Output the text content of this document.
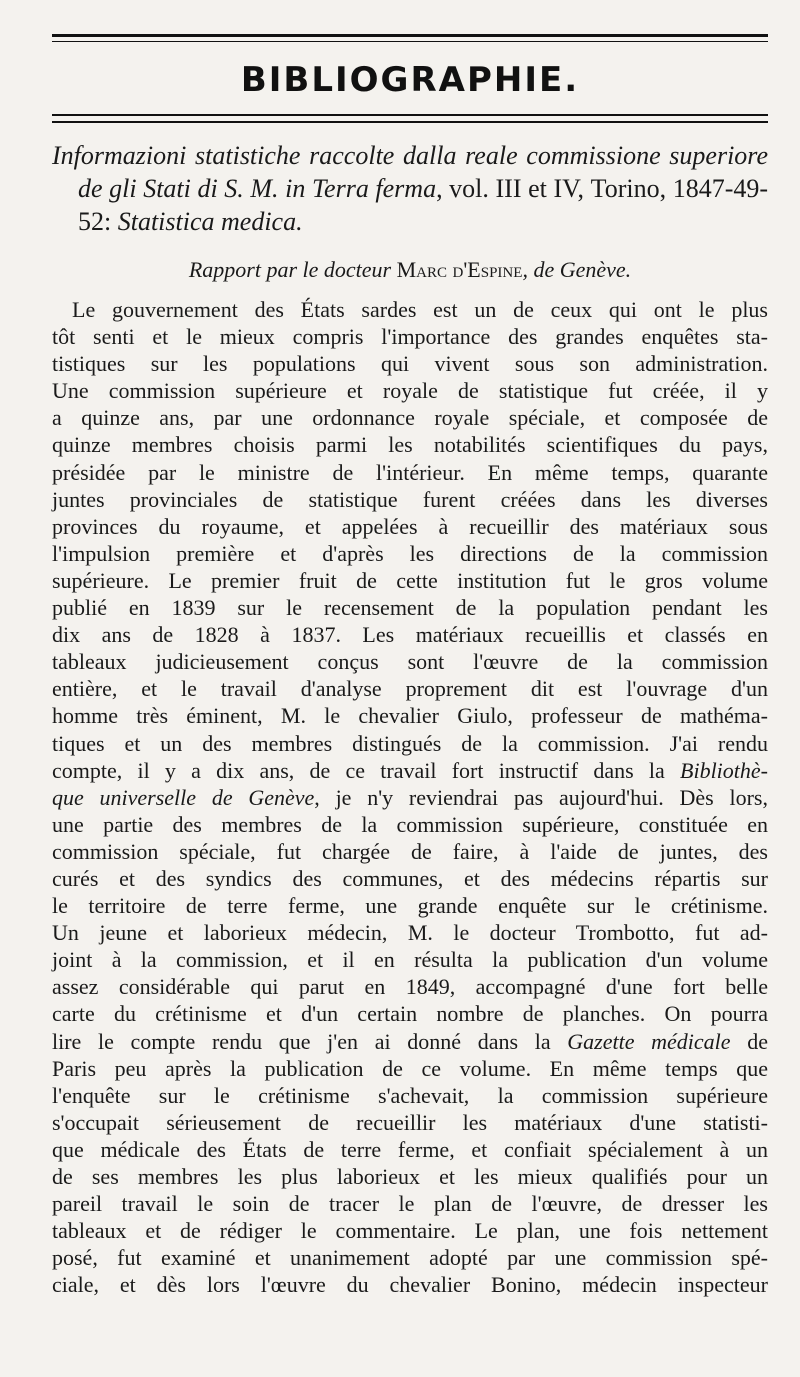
BIBLIOGRAPHIE.

Informazioni statistiche raccolte dalla reale commissione superiore de gli Stati di S. M. in Terra ferma, vol. III et IV, Torino, 1847-49-52: Statistica medica.

Rapport par le docteur Marc d'Espine, de Genève.

Le gouvernement des États sardes est un de ceux qui ont le plus
tôt senti et le mieux compris l'importance des grandes enquêtes sta-
tistiques sur les populations qui vivent sous son administration.
Une commission supérieure et royale de statistique fut créée, il y
a quinze ans, par une ordonnance royale spéciale, et composée de
quinze membres choisis parmi les notabilités scientifiques du pays,
présidée par le ministre de l'intérieur. En même temps, quarante
juntes provinciales de statistique furent créées dans les diverses
provinces du royaume, et appelées à recueillir des matériaux sous
l'impulsion première et d'après les directions de la commission
supérieure. Le premier fruit de cette institution fut le gros volume
publié en 1839 sur le recensement de la population pendant les
dix ans de 1828 à 1837. Les matériaux recueillis et classés en
tableaux judicieusement conçus sont l'œuvre de la commission
entière, et le travail d'analyse proprement dit est l'ouvrage d'un
homme très éminent, M. le chevalier Giulo, professeur de mathéma-
tiques et un des membres distingués de la commission. J'ai rendu
compte, il y a dix ans, de ce travail fort instructif dans la Bibliothè-
que universelle de Genève, je n'y reviendrai pas aujourd'hui. Dès lors,
une partie des membres de la commission supérieure, constituée en
commission spéciale, fut chargée de faire, à l'aide de juntes, des
curés et des syndics des communes, et des médecins répartis sur
le territoire de terre ferme, une grande enquête sur le crétinisme.
Un jeune et laborieux médecin, M. le docteur Trombotto, fut ad-
joint à la commission, et il en résulta la publication d'un volume
assez considérable qui parut en 1849, accompagné d'une fort belle
carte du crétinisme et d'un certain nombre de planches. On pourra
lire le compte rendu que j'en ai donné dans la Gazette médicale de
Paris peu après la publication de ce volume. En même temps que
l'enquête sur le crétinisme s'achevait, la commission supérieure
s'occupait sérieusement de recueillir les matériaux d'une statisti-
que médicale des États de terre ferme, et confiait spécialement à un
de ses membres les plus laborieux et les mieux qualifiés pour un
pareil travail le soin de tracer le plan de l'œuvre, de dresser les
tableaux et de rédiger le commentaire. Le plan, une fois nettement
posé, fut examiné et unanimement adopté par une commission spé-
ciale, et dès lors l'œuvre du chevalier Bonino, médecin inspecteur
